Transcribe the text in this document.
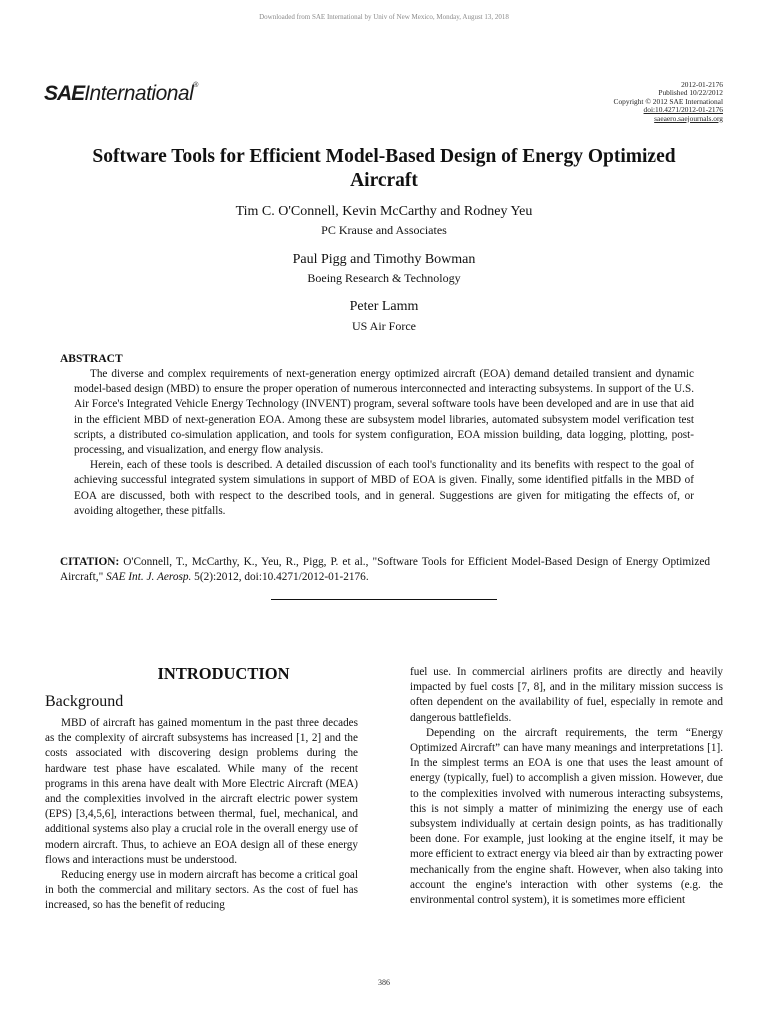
Downloaded from SAE International by Univ of New Mexico, Monday, August 13, 2018
SAEInternational®	2012-01-2176
Published 10/22/2012
Copyright © 2012 SAE International
doi:10.4271/2012-01-2176
saeaero.saejournals.org
Software Tools for Efficient Model-Based Design of Energy Optimized Aircraft
Tim C. O'Connell, Kevin McCarthy and Rodney Yeu
PC Krause and Associates
Paul Pigg and Timothy Bowman
Boeing Research & Technology
Peter Lamm
US Air Force
ABSTRACT

The diverse and complex requirements of next-generation energy optimized aircraft (EOA) demand detailed transient and dynamic model-based design (MBD) to ensure the proper operation of numerous interconnected and interacting subsystems. In support of the U.S. Air Force's Integrated Vehicle Energy Technology (INVENT) program, several software tools have been developed and are in use that aid in the efficient MBD of next-generation EOA. Among these are subsystem model libraries, automated subsystem model verification test scripts, a distributed co-simulation application, and tools for system configuration, EOA mission building, data logging, plotting, post-processing, and visualization, and energy flow analysis.

Herein, each of these tools is described. A detailed discussion of each tool's functionality and its benefits with respect to the goal of achieving successful integrated system simulations in support of MBD of EOA is given. Finally, some identified pitfalls in the MBD of EOA are discussed, both with respect to the described tools, and in general. Suggestions are given for mitigating the effects of, or avoiding altogether, these pitfalls.

CITATION: O'Connell, T., McCarthy, K., Yeu, R., Pigg, P. et al., "Software Tools for Efficient Model-Based Design of Energy Optimized Aircraft," SAE Int. J. Aerosp. 5(2):2012, doi:10.4271/2012-01-2176.
INTRODUCTION
Background

MBD of aircraft has gained momentum in the past three decades as the complexity of aircraft subsystems has increased [1, 2] and the costs associated with discovering design problems during the hardware test phase have escalated. While many of the recent programs in this arena have dealt with More Electric Aircraft (MEA) and the complexities involved in the aircraft electric power system (EPS) [3,4,5,6], interactions between thermal, fuel, mechanical, and additional systems also play a crucial role in the overall energy use of modern aircraft. Thus, to achieve an EOA design all of these energy flows and interactions must be understood.

Reducing energy use in modern aircraft has become a critical goal in both the commercial and military sectors. As the cost of fuel has increased, so has the benefit of reducing

fuel use. In commercial airliners profits are directly and heavily impacted by fuel costs [7, 8], and in the military mission success is often dependent on the availability of fuel, especially in remote and dangerous battlefields.

Depending on the aircraft requirements, the term “Energy Optimized Aircraft” can have many meanings and interpretations [1]. In the simplest terms an EOA is one that uses the least amount of energy (typically, fuel) to accomplish a given mission. However, due to the complexities involved with numerous interacting subsystems, this is not simply a matter of minimizing the energy use of each subsystem individually at certain design points, as has traditionally been done. For example, just looking at the engine itself, it may be more efficient to extract energy via bleed air than by extracting power mechanically from the engine shaft. However, when also taking into account the engine's interaction with other systems (e.g. the environmental control system), it is sometimes more efficient

386
